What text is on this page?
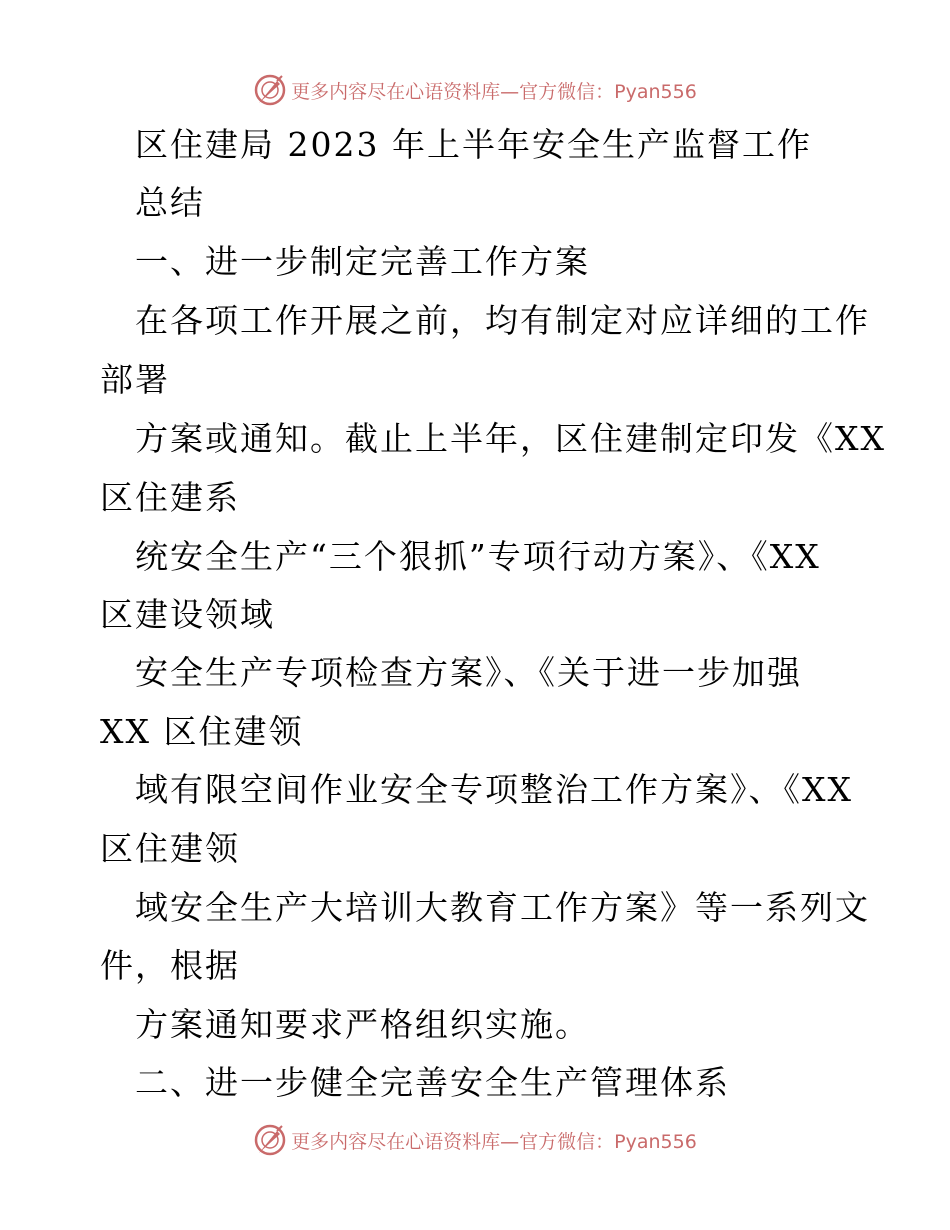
更多内容尽在心语资料库—官方微信：Pyan556
区住建局 2023 年上半年安全生产监督工作
总结
一、进一步制定完善工作方案
在各项工作开展之前，均有制定对应详细的工作
部署
方案或通知。截止上半年，区住建制定印发《XX
区住建系
统安全生产“三个狠抓”专项行动方案》、《XX
区建设领域
安全生产专项检查方案》、《关于进一步加强
XX 区住建领
域有限空间作业安全专项整治工作方案》、《XX
区住建领
域安全生产大培训大教育工作方案》等一系列文
件，根据
方案通知要求严格组织实施。
二、进一步健全完善安全生产管理体系
更多内容尽在心语资料库—官方微信：Pyan556
